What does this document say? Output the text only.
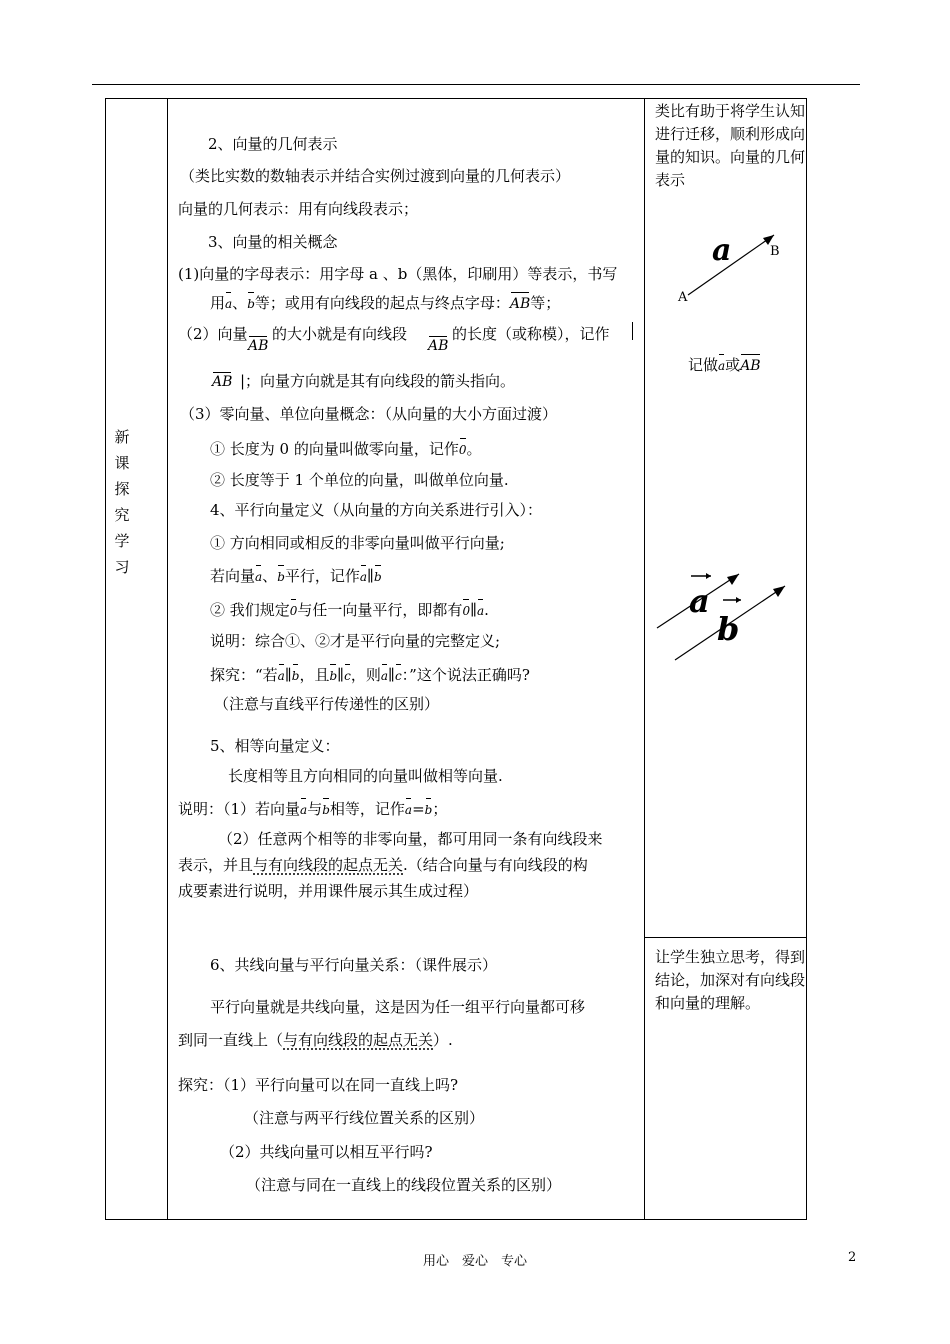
新
课
探
究
学
习
2、向量的几何表示
（类比实数的数轴表示并结合实例过渡到向量的几何表示）
向量的几何表示：用有向线段表示；
3、向量的相关概念
(1)向量的字母表示：用字母 a 、b（黑体，印刷用）等表示，书写
（2）向量 的大小就是有向线段	的长度（或称模），记作
|；向量方向就是其有向线段的箭头指向。
（3）零向量、单位向量概念：（从向量的大小方面过渡）
② 长度等于 1 个单位的向量，叫做单位向量.
4、平行向量定义（从向量的方向关系进行引入）：
① 方向相同或相反的非零向量叫做平行向量;
说明：综合①、②才是平行向量的完整定义;
（注意与直线平行传递性的区别）
5、相等向量定义：
长度相等且方向相同的向量叫做相等向量.
（2）任意两个相等的非零向量，都可用同一条有向线段来
成要素进行说明，并用课件展示其生成过程）
6、共线向量与平行向量关系：（课件展示）
平行向量就是共线向量，这是因为任一组平行向量都可移
探究：（1）平行向量可以在同一直线上吗?
（注意与两平行线位置关系的区别）
（2）共线向量可以相互平行吗?
（注意与同在一直线上的线段位置关系的区别）
用a、b等；或用有向线段的起点与终点字母：AB等；
AB	AB
AB
① 长度为 0 的向量叫做零向量，记作0。
若向量a、b平行，记作a∥b
② 我们规定0与任一向量平行，即都有0∥a.
探究：“若a∥b，且b∥c，则a∥c：”这个说法正确吗?
说明：（1）若向量a与b相等，记作a=b；
表示，并且与有向线段的起点无关.（结合向量与有向线段的构
到同一直线上（与有向线段的起点无关）.
类比有助于将学生认知进行迁移，顺利形成向量的知识。向量的几何表示
a	B
A
记做a或AB
a
b
让学生独立思考，得到结论，加深对有向线段和向量的理解。
用心　爱心　专心	2
